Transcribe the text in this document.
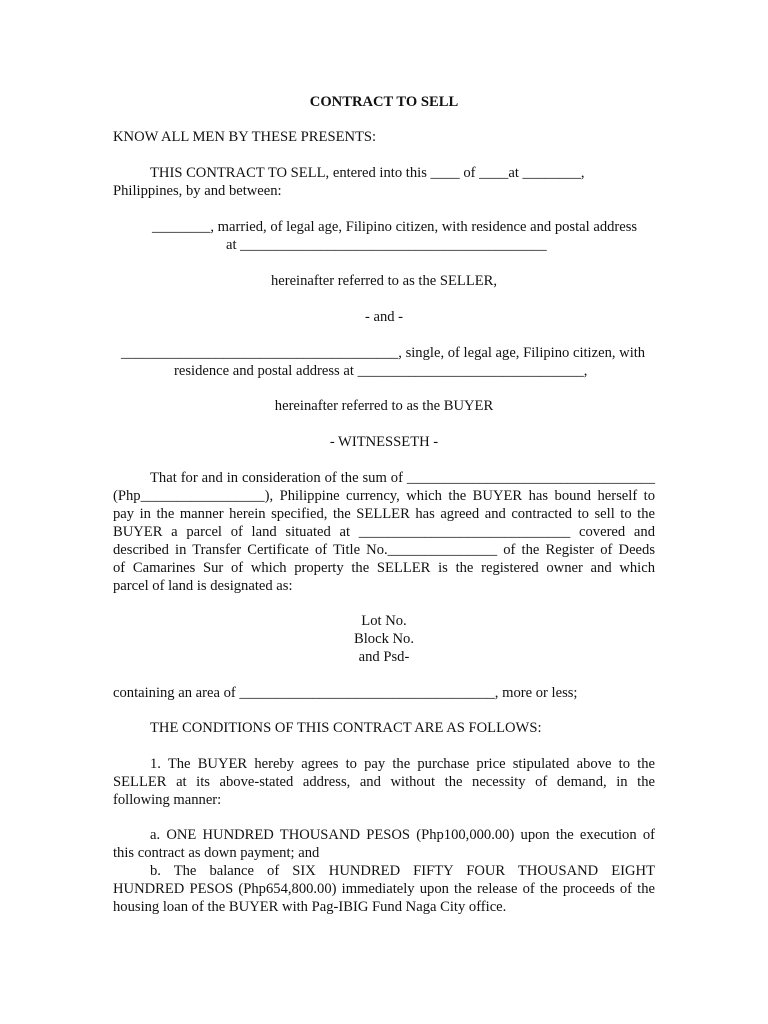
CONTRACT TO SELL
KNOW ALL MEN BY THESE PRESENTS:
THIS CONTRACT TO SELL, entered into this ____ of ____at ________,
Philippines, by and between:
________, married, of legal age, Filipino citizen, with residence and postal address
at __________________________________________
hereinafter referred to as the SELLER,
- and -
______________________________________, single, of legal age, Filipino citizen, with
residence and postal address at _______________________________,
hereinafter referred to as the BUYER
- WITNESSETH -
That for and in consideration of the sum of __________________________________
(Php_________________), Philippine currency, which the BUYER has bound herself to
pay in the manner herein specified, the SELLER has agreed and contracted to sell to the
BUYER a parcel of land situated at _____________________________ covered and
described in Transfer Certificate of Title No._______________ of the Register of Deeds
of Camarines Sur of which property the SELLER is the registered owner and which
parcel of land is designated as:
Lot No.
Block No.
and Psd-
containing an area of ___________________________________, more or less;
THE CONDITIONS OF THIS CONTRACT ARE AS FOLLOWS:
1. The BUYER hereby agrees to pay the purchase price stipulated above to the
SELLER at its above-stated address, and without the necessity of demand, in the
following manner:
a. ONE HUNDRED THOUSAND PESOS (Php100,000.00) upon the execution of
this contract as down payment; and
b. The balance of SIX HUNDRED FIFTY FOUR THOUSAND EIGHT
HUNDRED PESOS (Php654,800.00) immediately upon the release of the proceeds of the
housing loan of the BUYER with Pag-IBIG Fund Naga City office.
